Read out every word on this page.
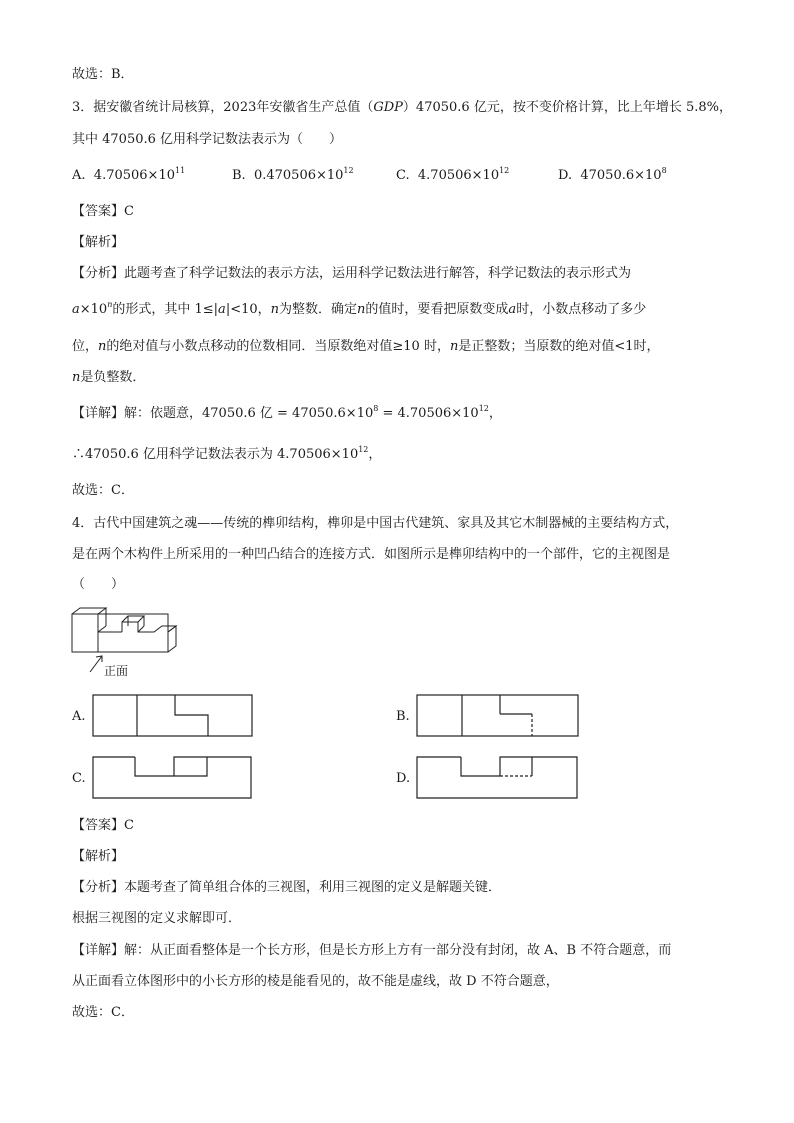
故选：B．
3．据安徽省统计局核算，2023年安徽省生产总值（GDP）47050.6 亿元，按不变价格计算，比上年增长 5.8%，
其中 47050.6 亿用科学记数法表示为（　　）
A. $4.70506\times 10^{11}$	B. $0.470506\times 10^{12}$	C. $4.70506\times 10^{12}$	D. $47050.6\times 10^8$
【答案】C
【解析】
【分析】此题考查了科学记数法的表示方法，运用科学记数法进行解答，科学记数法的表示形式为
$a\times 10^n$的形式，其中 1≤|a|<10，n为整数．确定n的值时，要看把原数变成a时，小数点移动了多少
位，n的绝对值与小数点移动的位数相同．当原数绝对值≥10 时，n是正整数；当原数的绝对值<1时，
n是负整数．
【详解】解：依题意，47050.6 亿 = $47050.6\times 10^8 = 4.70506\times 10^{12}$，
∴47050.6 亿用科学记数法表示为 $4.70506\times 10^{12}$，
故选：C．
4．古代中国建筑之魂——传统的榫卯结构，榫卯是中国古代建筑、家具及其它木制器械的主要结构方式，
是在两个木构件上所采用的一种凹凸结合的连接方式．如图所示是榫卯结构中的一个部件，它的主视图是
（　　）
正面
A.	B.
C.	D.
【答案】C
【解析】
【分析】本题考查了简单组合体的三视图，利用三视图的定义是解题关键．
根据三视图的定义求解即可．
【详解】解：从正面看整体是一个长方形，但是长方形上方有一部分没有封闭，故 A、B 不符合题意，而
从正面看立体图形中的小长方形的棱是能看见的，故不能是虚线，故 D 不符合题意，
故选：C．
